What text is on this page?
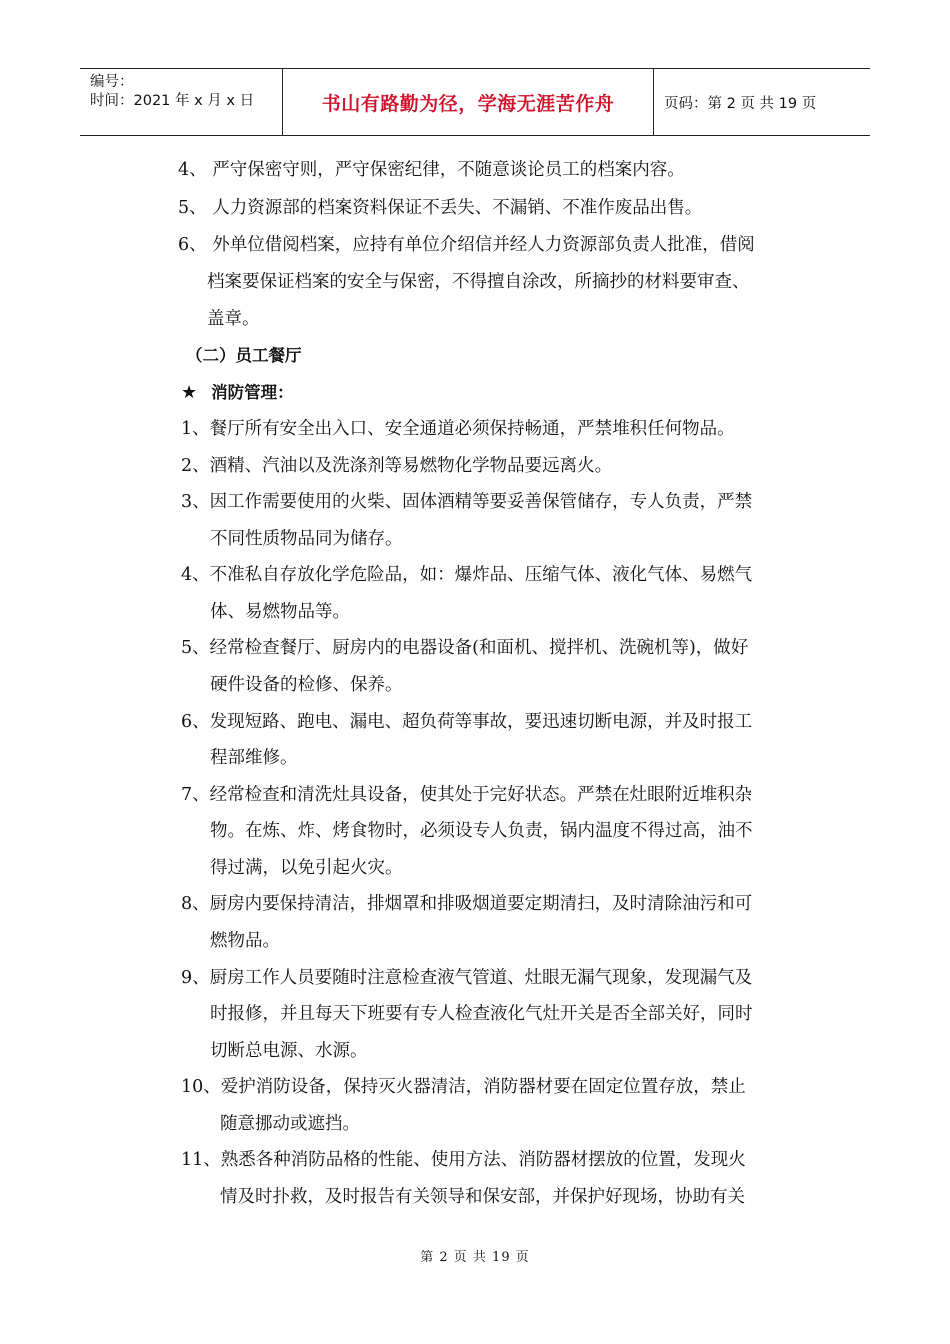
编号：
时间：2021 年 x 月 x 日	书山有路勤为径，学海无涯苦作舟	页码：第 2 页 共 19 页
4、 严守保密守则，严守保密纪律，不随意谈论员工的档案内容。
5、 人力资源部的档案资料保证不丢失、不漏销、不准作废品出售。
6、 外单位借阅档案，应持有单位介绍信并经人力资源部负责人批准，借阅
档案要保证档案的安全与保密，不得擅自涂改，所摘抄的材料要审查、
盖章。
（二）员工餐厅
★ 消防管理：
1、餐厅所有安全出入口、安全通道必须保持畅通，严禁堆积任何物品。
2、酒精、汽油以及洗涤剂等易燃物化学物品要远离火。
3、因工作需要使用的火柴、固体酒精等要妥善保管储存，专人负责，严禁
不同性质物品同为储存。
4、不准私自存放化学危险品，如：爆炸品、压缩气体、液化气体、易燃气
体、易燃物品等。
5、经常检查餐厅、厨房内的电器设备(和面机、搅拌机、洗碗机等)，做好
硬件设备的检修、保养。
6、发现短路、跑电、漏电、超负荷等事故，要迅速切断电源，并及时报工
程部维修。
7、经常检查和清洗灶具设备，使其处于完好状态。严禁在灶眼附近堆积杂
物。在炼、炸、烤食物时，必须设专人负责，锅内温度不得过高，油不
得过满，以免引起火灾。
8、厨房内要保持清洁，排烟罩和排吸烟道要定期清扫，及时清除油污和可
燃物品。
9、厨房工作人员要随时注意检查液气管道、灶眼无漏气现象，发现漏气及
时报修，并且每天下班要有专人检查液化气灶开关是否全部关好，同时
切断总电源、水源。
10、爱护消防设备，保持灭火器清洁，消防器材要在固定位置存放，禁止
随意挪动或遮挡。
11、熟悉各种消防品格的性能、使用方法、消防器材摆放的位置，发现火
情及时扑救，及时报告有关领导和保安部，并保护好现场，协助有关
第 2 页 共 19 页
